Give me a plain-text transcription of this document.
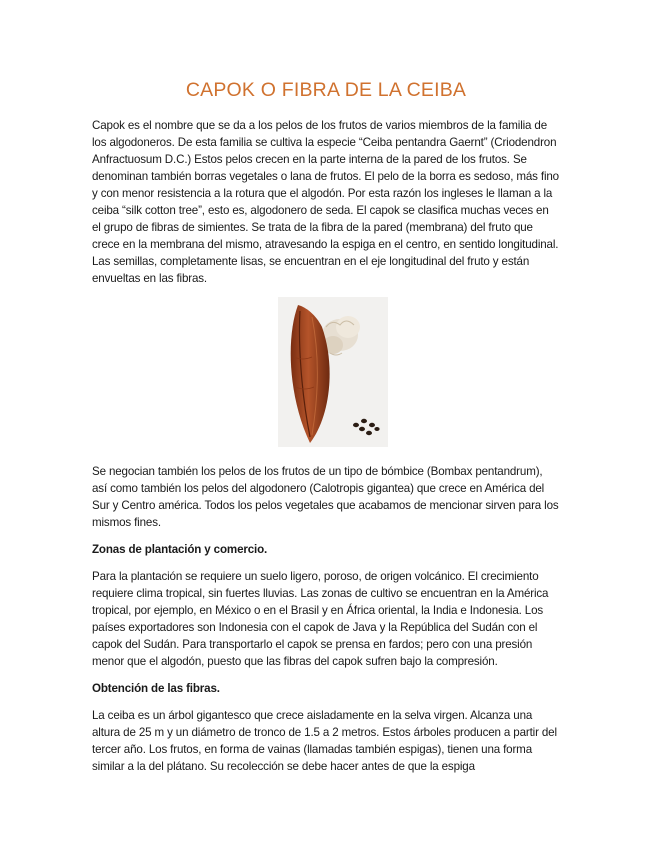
CAPOK O FIBRA DE LA CEIBA

Capok es el nombre que se da a los pelos de los frutos de varios miembros de la familia de los algodoneros. De esta familia se cultiva la especie “Ceiba pentandra Gaernt” (Criodendron Anfractuosum D.C.) Estos pelos crecen en la parte interna de la pared de los frutos. Se denominan también borras vegetales o lana de frutos. El pelo de la borra es sedoso, más fino y con menor resistencia a la rotura que el algodón. Por esta razón los ingleses le llaman a la ceiba “silk cotton tree”, esto es, algodonero de seda. El capok se clasifica muchas veces en el grupo de fibras de simientes. Se trata de la fibra de la pared (membrana) del fruto que crece en la membrana del mismo, atravesando la espiga en el centro, en sentido longitudinal. Las semillas, completamente lisas, se encuentran en el eje longitudinal del fruto y están envueltas en las fibras.

Se negocian también los pelos de los frutos de un tipo de bómbice (Bombax pentandrum), así como también los pelos del algodonero (Calotropis gigantea) que crece en América del Sur y Centro américa. Todos los pelos vegetales que acabamos de mencionar sirven para los mismos fines.

Zonas de plantación y comercio.

Para la plantación se requiere un suelo ligero, poroso, de origen volcánico. El crecimiento requiere clima tropical, sin fuertes lluvias. Las zonas de cultivo se encuentran en la América tropical, por ejemplo, en México o en el Brasil y en África oriental, la India e Indonesia. Los países exportadores son Indonesia con el capok de Java y la República del Sudán con el capok del Sudán. Para transportarlo el capok se prensa en fardos; pero con una presión menor que el algodón, puesto que las fibras del capok sufren bajo la compresión.

Obtención de las fibras.

La ceiba es un árbol gigantesco que crece aisladamente en la selva virgen. Alcanza una altura de 25 m y un diámetro de tronco de 1.5 a 2 metros. Estos árboles producen a partir del tercer año. Los frutos, en forma de vainas (llamadas también espigas), tienen una forma similar a la del plátano. Su recolección se debe hacer antes de que la espiga
